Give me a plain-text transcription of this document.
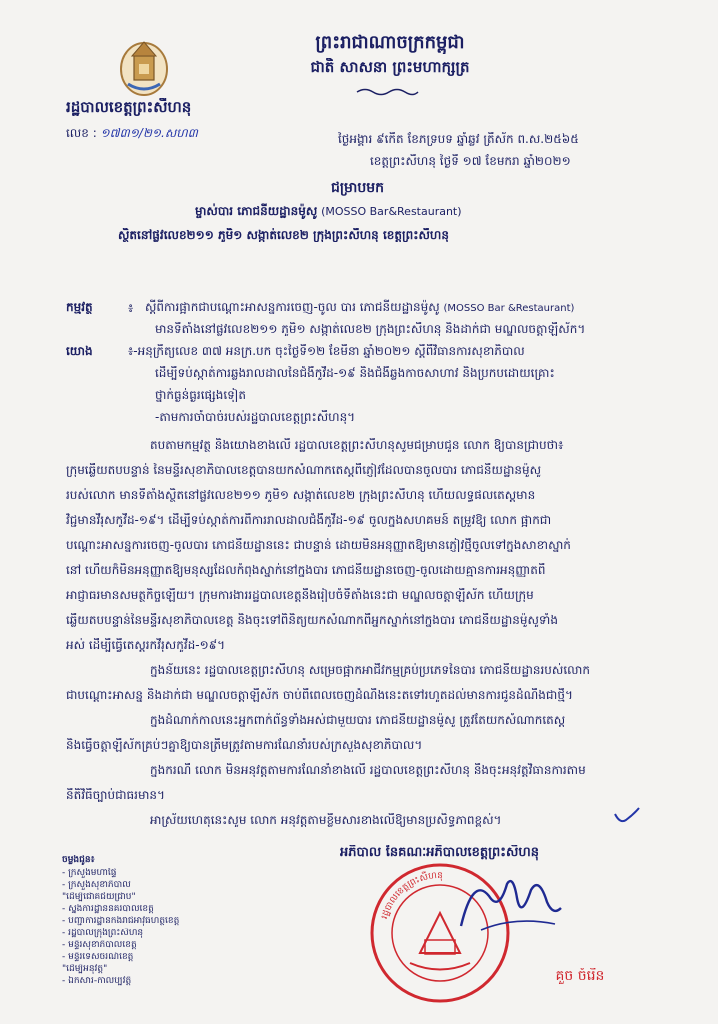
ព្រះរាជាណាចក្រកម្ពុជា
ជាតិ សាសនា ព្រះមហាក្សត្រ
រដ្ឋបាលខេត្តព្រះសីហនុ
លេខ : ១៧៣១/២១.សហ៣	ថ្ងៃអង្គារ ៩កើត ខែភទ្របទ ឆ្នាំឆ្លូវ ត្រីស័ក ព.ស.២៥៦៥
ខេត្តព្រះសីហនុ ថ្ងៃទី ១៧ ខែមករា ឆ្នាំ២០២១
ជម្រាបមក
ម្ចាស់បារ ភោជនីយដ្ឋានម៉ូសូ (MOSSO Bar&Restaurant)
ស្ថិតនៅផ្លូវលេខ២១១ ភូមិ១ សង្កាត់លេខ២ ក្រុងព្រះសីហនុ ខេត្តព្រះសីហនុ
កម្មវត្ថុ	៖ ស្តីពីការផ្អាកជាបណ្ដោះអាសន្នការចេញ-ចូល បារ ភោជនីយដ្ឋានម៉ូសូ (MOSSO Bar &Restaurant)
មានទីតាំងនៅផ្លូវលេខ២១១ ភូមិ១ សង្កាត់លេខ២ ក្រុងព្រះសីហនុ និងដាក់ជា មណ្ឌលចត្តាឡីស័ក។
យោង	៖-អនុក្រឹត្យលេខ ៣៧ អនក្រ.បក ចុះថ្ងៃទី១២ ខែមីនា ឆ្នាំ២០២១ ស្តីពីវិធានការសុខាភិបាល
ដើម្បីទប់ស្កាត់ការឆ្លងរាលដាលនៃជំងឺកូវីដ-១៩ និងជំងឺឆ្លងកាចសាហាវ និងប្រកបដោយគ្រោះ
ថ្នាក់ធ្ងន់ធ្ងរផ្សេងទៀត
-តាមការចាំបាច់របស់រដ្ឋបាលខេត្តព្រះសីហនុ។
តបតាមកម្មវត្ថុ និងយោងខាងលើ រដ្ឋបាលខេត្តព្រះសីហនុសូមជម្រាបជូន លោក ឱ្យបានជ្រាបថា៖
ក្រុមឆ្លើយតបបន្ទាន់ នៃមន្ទីរសុខាភិបាលខេត្តបានយកសំណាកតេស្តពីភ្ញៀវដែលបានចូលបារ ភោជនីយដ្ឋានម៉ូសូ
របស់លោក មានទីតាំងស្ថិតនៅផ្លូវលេខ២១១ ភូមិ១ សង្កាត់លេខ២ ក្រុងព្រះសីហនុ ហើយលទ្ធផលតេស្តមាន
វិជ្ជមានវីរុសកូវីដ-១៩។ ដើម្បីទប់ស្កាត់ការពីការរាលដាលជំងឺកូវីដ-១៩ ចូលក្នុងសហគមន៍ តម្រូវឱ្យ លោក ផ្អាកជា
បណ្តោះអាសន្នការចេញ-ចូលបារ ភោជនីយដ្ឋាននេះ ជាបន្ទាន់ ដោយមិនអនុញ្ញាតឱ្យមានភ្ញៀវថ្មីចូលទៅក្នុងសាខាស្នាក់
នៅ ហើយក៏មិនអនុញ្ញាតឱ្យមនុស្សដែលកំពុងស្នាក់នៅក្នុងបារ ភោជនីយដ្ឋានចេញ-ចូលដោយគ្មានការអនុញ្ញាតពី
អាជ្ញាធរមានសមត្ថកិច្ចឡើយ។ ក្រុមការងាររដ្ឋបាលខេត្តនឹងរៀបចំទីតាំងនេះជា មណ្ឌលចត្តាឡីស័ក ហើយក្រុម
ឆ្លើយតបបន្ទាន់នៃមន្ទីរសុខាភិបាលខេត្ត និងចុះទៅពិនិត្យយកសំណាកពីអ្នកស្នាក់នៅក្នុងបារ ភោជនីយដ្ឋានម៉ូសូទាំង
អស់ ដើម្បីធ្វើតេស្តរកវីរុសកូវីដ-១៩។
ក្នុងន័យនេះ រដ្ឋបាលខេត្តព្រះសីហនុ សម្រេចផ្អាកអាជីវកម្មគ្រប់ប្រភេទនៃបារ ភោជនីយដ្ឋានរបស់លោក
ជាបណ្តោះអាសន្ន និងដាក់ជា មណ្ឌលចត្តាឡីស័ក ចាប់ពីពេលចេញដំណឹងនេះតទៅរហូតដល់មានការជូនដំណឹងជាថ្មី។
ក្នុងដំណាក់កាលនេះអ្នកពាក់ព័ន្ធទាំងអស់ជាមួយបារ ភោជនីយដ្ឋានម៉ូសូ ត្រូវតែយកសំណាកតេស្ត
និងធ្វើចត្តាឡីស័កគ្រប់ៗគ្នាឱ្យបានត្រឹមត្រូវតាមការណែនាំរបស់ក្រសួងសុខាភិបាល។
ក្នុងករណី លោក មិនអនុវត្តតាមការណែនាំខាងលើ រដ្ឋបាលខេត្តព្រះសីហនុ នឹងចុះអនុវត្តវិធានការតាម
នីតិវិធីច្បាប់ជាធរមាន។
អាស្រ័យហេតុនេះសូម លោក អនុវត្តតាមខ្លឹមសារខាងលើឱ្យមានប្រសិទ្ធភាពខ្ពស់។
ចម្លងជូន៖
- ក្រសួងមហាផ្ទៃ
- ក្រសួងសុខាភិបាល
"ដើម្បីជោគជ័យជ្រាប"
- ស្នងការដ្ឋាននគរបាលខេត្ត
- បញ្ជាការដ្ឋានកងរាជអាវុធហត្ថខេត្ត
- រដ្ឋបាលក្រុងព្រះសីហនុ
- មន្ទីរសុខាភិបាលខេត្ត
- មន្ទីរទេសចរណ៍ខេត្ត
"ដើម្បីអនុវត្ត"
- ឯកសារ-កាលប្បវត្តិ
អភិបាល នៃគណៈអភិបាលខេត្តព្រះសីហនុ
រដ្ឋបាលខេត្តព្រះសីហនុ
គួច ចំរើន
